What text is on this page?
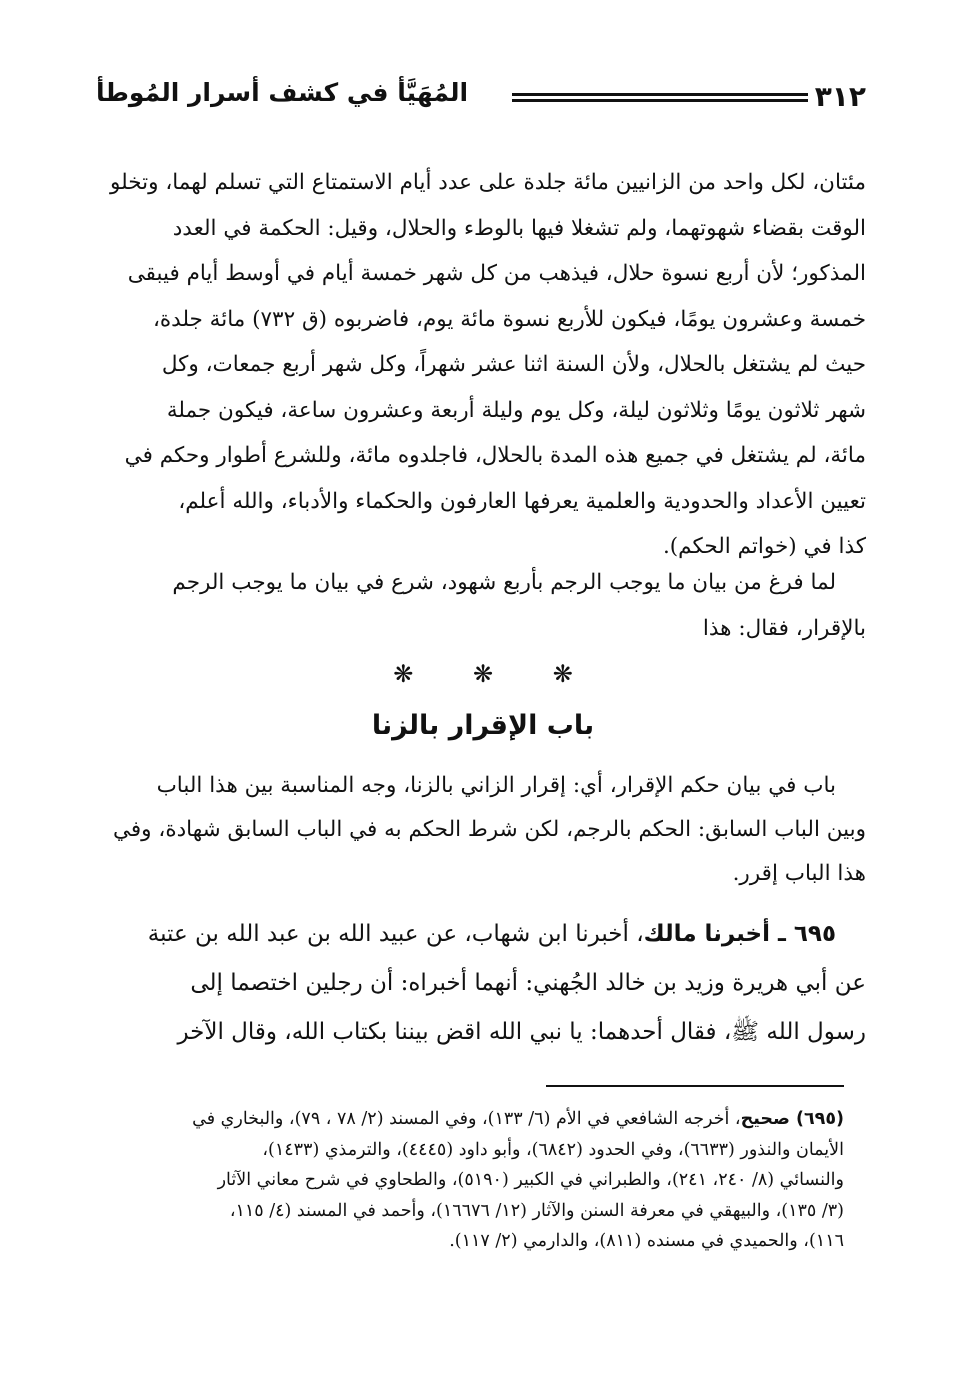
٣١٢
المُهَيَّأ في كشف أسرار المُوطأ
مئتان، لكل واحد من الزانيين مائة جلدة على عدد أيام الاستمتاع التي تسلم لهما، وتخلو
الوقت بقضاء شهوتهما، ولم تشغلا فيها بالوطء والحلال، وقيل: الحكمة في العدد
المذكور؛ لأن أربع نسوة حلال، فيذهب من كل شهر خمسة أيام في أوسط أيام فيبقى
خمسة وعشرون يومًا، فيكون للأربع نسوة مائة يوم، فاضربوه (ق ٧٣٢) مائة جلدة،
حيث لم يشتغل بالحلال، ولأن السنة اثنا عشر شهراً، وكل شهر أربع جمعات، وكل
شهر ثلاثون يومًا وثلاثون ليلة، وكل يوم وليلة أربعة وعشرون ساعة، فيكون جملة
مائة، لم يشتغل في جميع هذه المدة بالحلال، فاجلدوه مائة، وللشرع أطوار وحكم في
تعيين الأعداد والحدودية والعلمية يعرفها العارفون والحكماء والأدباء، والله أعلم،
كذا في (خواتم الحكم).
لما فرغ من بيان ما يوجب الرجم بأربع شهود، شرع في بيان ما يوجب الرجم
بالإقرار، فقال: هذا
❋ ❋ ❋
باب الإقرار بالزنا
باب في بيان حكم الإقرار، أي: إقرار الزاني بالزنا، وجه المناسبة بين هذا الباب
وبين الباب السابق: الحكم بالرجم، لكن شرط الحكم به في الباب السابق شهادة، وفي
هذا الباب إقرر.
٦٩٥ ـ أخبرنا مالك، أخبرنا ابن شهاب، عن عبيد الله بن عبد الله بن عتبة
عن أبي هريرة وزيد بن خالد الجُهني: أنهما أخبراه: أن رجلين اختصما إلى
رسول الله ﷺ، فقال أحدهما: يا نبي الله اقض بيننا بكتاب الله، وقال الآخر
(٦٩٥) صحيح، أخرجه الشافعي في الأم (٦/ ١٣٣)، وفي المسند (٢/ ٧٨ ، ٧٩)، والبخاري في
الأيمان والنذور (٦٦٣٣)، وفي الحدود (٦٨٤٢)، وأبو داود (٤٤٤٥)، والترمذي (١٤٣٣)،
والنسائي (٨/ ٢٤٠، ٢٤١)، والطبراني في الكبير (٥١٩٠)، والطحاوي في شرح معاني الآثار
(٣/ ١٣٥)، والبيهقي في معرفة السنن والآثار (١٢/ ١٦٦٧٦)، وأحمد في المسند (٤/ ١١٥،
١١٦)، والحميدي في مسنده (٨١١)، والدارمي (٢/ ١١٧).
